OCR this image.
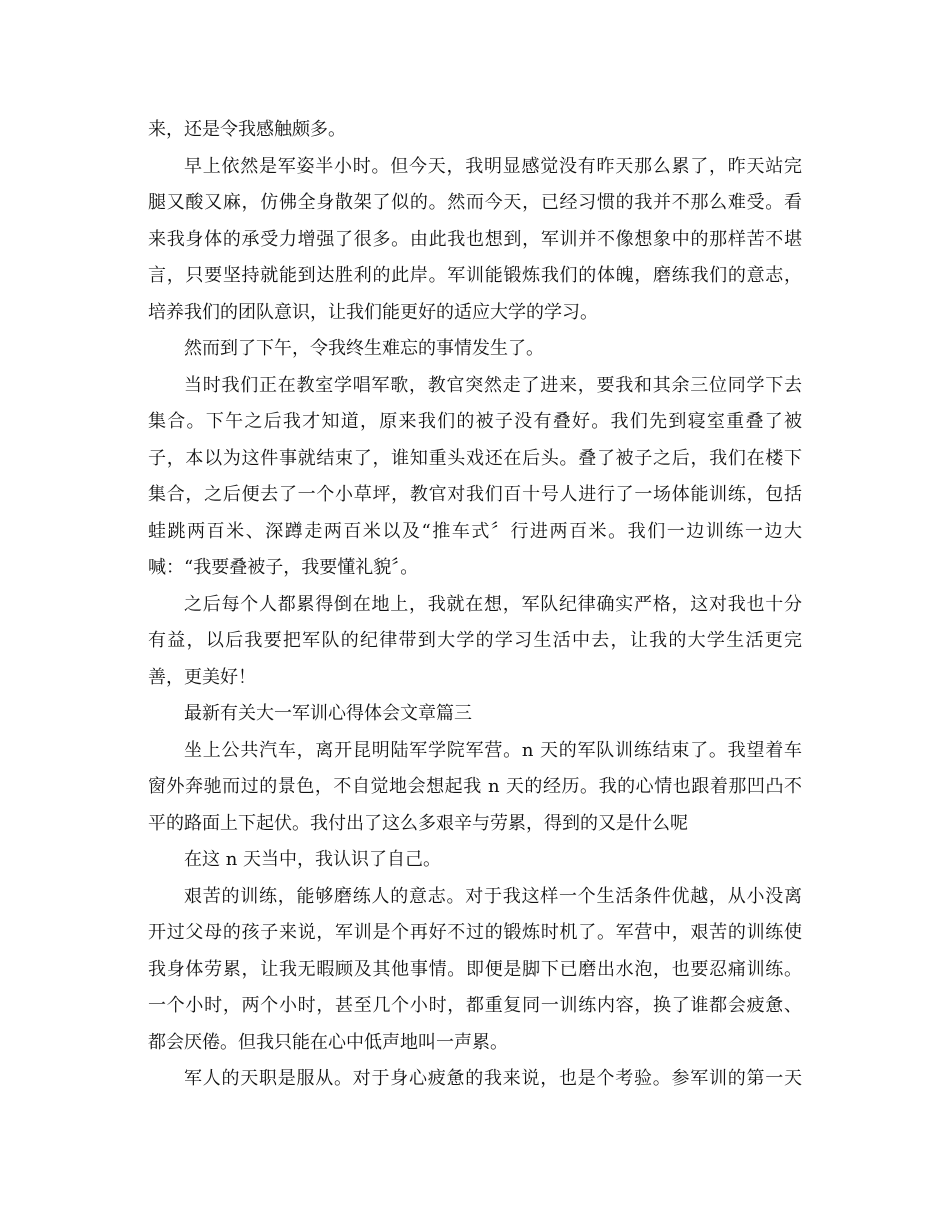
来，还是令我感触颇多。
早上依然是军姿半小时。但今天，我明显感觉没有昨天那么累了，昨天站完
腿又酸又麻，仿佛全身散架了似的。然而今天，已经习惯的我并不那么难受。看
来我身体的承受力增强了很多。由此我也想到，军训并不像想象中的那样苦不堪
言，只要坚持就能到达胜利的此岸。军训能锻炼我们的体魄，磨练我们的意志，
培养我们的团队意识，让我们能更好的适应大学的学习。
然而到了下午，令我终生难忘的事情发生了。
当时我们正在教室学唱军歌，教官突然走了进来，要我和其余三位同学下去
集合。下午之后我才知道，原来我们的被子没有叠好。我们先到寝室重叠了被
子，本以为这件事就结束了，谁知重头戏还在后头。叠了被子之后，我们在楼下
集合，之后便去了一个小草坪，教官对我们百十号人进行了一场体能训练，包括
蛙跳两百米、深蹲走两百米以及“推车式〞行进两百米。我们一边训练一边大
喊：“我要叠被子，我要懂礼貌〞。
之后每个人都累得倒在地上，我就在想，军队纪律确实严格，这对我也十分
有益，以后我要把军队的纪律带到大学的学习生活中去，让我的大学生活更完
善，更美好！
最新有关大一军训心得体会文章篇三
坐上公共汽车，离开昆明陆军学院军营。n 天的军队训练结束了。我望着车
窗外奔驰而过的景色，不自觉地会想起我 n 天的经历。我的心情也跟着那凹凸不
平的路面上下起伏。我付出了这么多艰辛与劳累，得到的又是什么呢
在这 n 天当中，我认识了自己。
艰苦的训练，能够磨练人的意志。对于我这样一个生活条件优越，从小没离
开过父母的孩子来说，军训是个再好不过的锻炼时机了。军营中，艰苦的训练使
我身体劳累，让我无暇顾及其他事情。即便是脚下已磨出水泡，也要忍痛训练。
一个小时，两个小时，甚至几个小时，都重复同一训练内容，换了谁都会疲惫、
都会厌倦。但我只能在心中低声地叫一声累。
军人的天职是服从。对于身心疲惫的我来说，也是个考验。参军训的第一天
